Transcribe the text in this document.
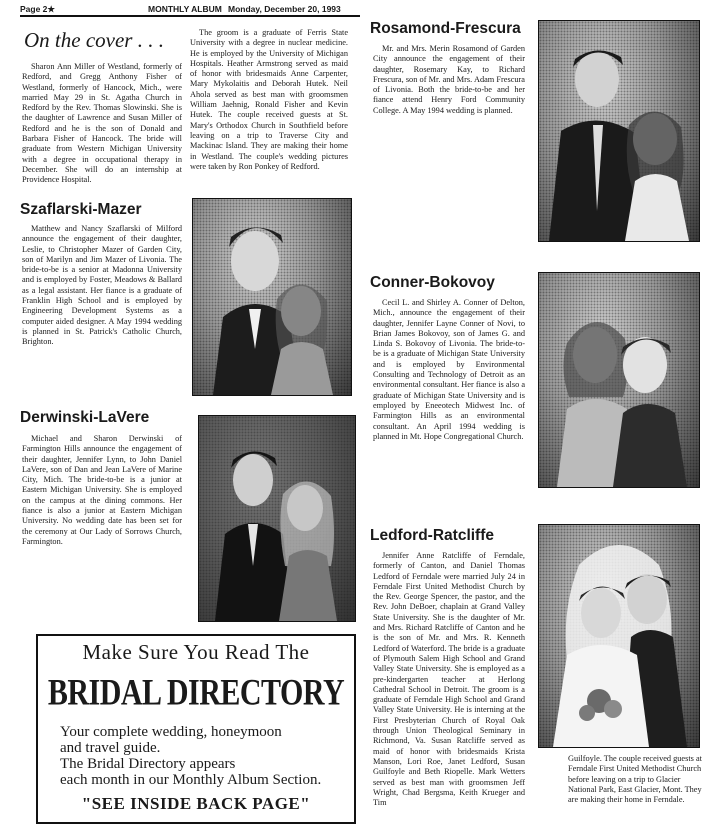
Page 2★	MONTHLY ALBUM Monday, December 20, 1993
On the cover . . .

Sharon Ann Miller of Westland, formerly of Redford, and Gregg Anthony Fisher of Westland, formerly of Hancock, Mich., were married May 29 in St. Agatha Church in Redford by the Rev. Thomas Slowinski. She is the daughter of Lawrence and Susan Miller of Redford and he is the son of Donald and Barbara Fisher of Hancock. The bride will graduate from Western Michigan University with a degree in occupational therapy in December. She will do an internship at Providence Hospital.

Szaflarski-Mazer

Matthew and Nancy Szaflarski of Milford announce the engagement of their daughter, Leslie, to Christopher Mazer of Garden City, son of Marilyn and Jim Mazer of Livonia. The bride-to-be is a senior at Madonna University and is employed by Foster, Meadows & Ballard as a legal assistant. Her fiance is a graduate of Franklin High School and is employed by Engineering Development Systems as a computer aided designer. A May 1994 wedding is planned in St. Patrick's Catholic Church, Brighton.

Derwinski-LaVere

Michael and Sharon Derwinski of Farmington Hills announce the engagement of their daughter, Jennifer Lynn, to John Daniel LaVere, son of Dan and Jean LaVere of Marine City, Mich. The bride-to-be is a junior at Eastern Michigan University. She is employed on the campus at the dining commons. Her fiance is also a junior at Eastern Michigan University. No wedding date has been set for the ceremony at Our Lady of Sorrows Church, Farmington.

The groom is a graduate of Ferris State University with a degree in nuclear medicine. He is employed by the University of Michigan Hospitals. Heather Armstrong served as maid of honor with bridesmaids Anne Carpenter, Mary Mykolaitis and Deborah Hutek. Neil Ahola served as best man with groomsmen William Jaehnig, Ronald Fisher and Kevin Hutek. The couple received guests at St. Mary's Orthodox Church in Southfield before leaving on a trip to Traverse City and Mackinac Island. They are making their home in Westland. The couple's wedding pictures were taken by Ron Ponkey of Redford.

Rosamond-Frescura

Mr. and Mrs. Merin Rosamond of Garden City announce the engagement of their daughter, Rosemary Kay, to Richard Frescura, son of Mr. and Mrs. Adam Frescura of Livonia. Both the bride-to-be and her fiance attend Henry Ford Community College. A May 1994 wedding is planned.

Conner-Bokovoy

Cecil L. and Shirley A. Conner of Delton, Mich., announce the engagement of their daughter, Jennifer Layne Conner of Novi, to Brian James Bokovoy, son of James G. and Linda S. Bokovoy of Livonia. The bride-to-be is a graduate of Michigan State University and is employed by Environmental Consulting and Technology of Detroit as an environmental consultant. Her fiance is also a graduate of Michigan State University and is employed by Eneeotech Midwest Inc. of Farmington Hills as an environmental consultant. An April 1994 wedding is planned in Mt. Hope Congregational Church.

Ledford-Ratcliffe

Jennifer Anne Ratcliffe of Ferndale, formerly of Canton, and Daniel Thomas Ledford of Ferndale were married July 24 in Ferndale First United Methodist Church by the Rev. George Spencer, the pastor, and the Rev. John DeBoer, chaplain at Grand Valley State University. She is the daughter of Mr. and Mrs. Richard Ratcliffe of Canton and he is the son of Mr. and Mrs. R. Kenneth Ledford of Waterford. The bride is a graduate of Plymouth Salem High School and Grand Valley State University. She is employed as a pre-kindergarten teacher at Herlong Cathedral School in Detroit. The groom is a graduate of Ferndale High School and Grand Valley State University. He is interning at the First Presbyterian Church of Royal Oak through Union Theological Seminary in Richmond, Va. Susan Ratcliffe served as maid of honor with bridesmaids Krista Manson, Lori Roe, Janet Ledford, Susan Guilfoyle and Beth Riopelle. Mark Wetters served as best man with groomsmen Jeff Wright, Chad Bergsma, Keith Krueger and Tim

Guilfoyle. The couple received guests at Ferndale First United Methodist Church before leaving on a trip to Glacier National Park, East Glacier, Mont. They are making their home in Ferndale.

Make Sure You Read The
BRIDAL DIRECTORY
Your complete wedding, honeymoon
and travel guide.
The Bridal Directory appears
each month in our Monthly Album Section.
"SEE INSIDE BACK PAGE"
